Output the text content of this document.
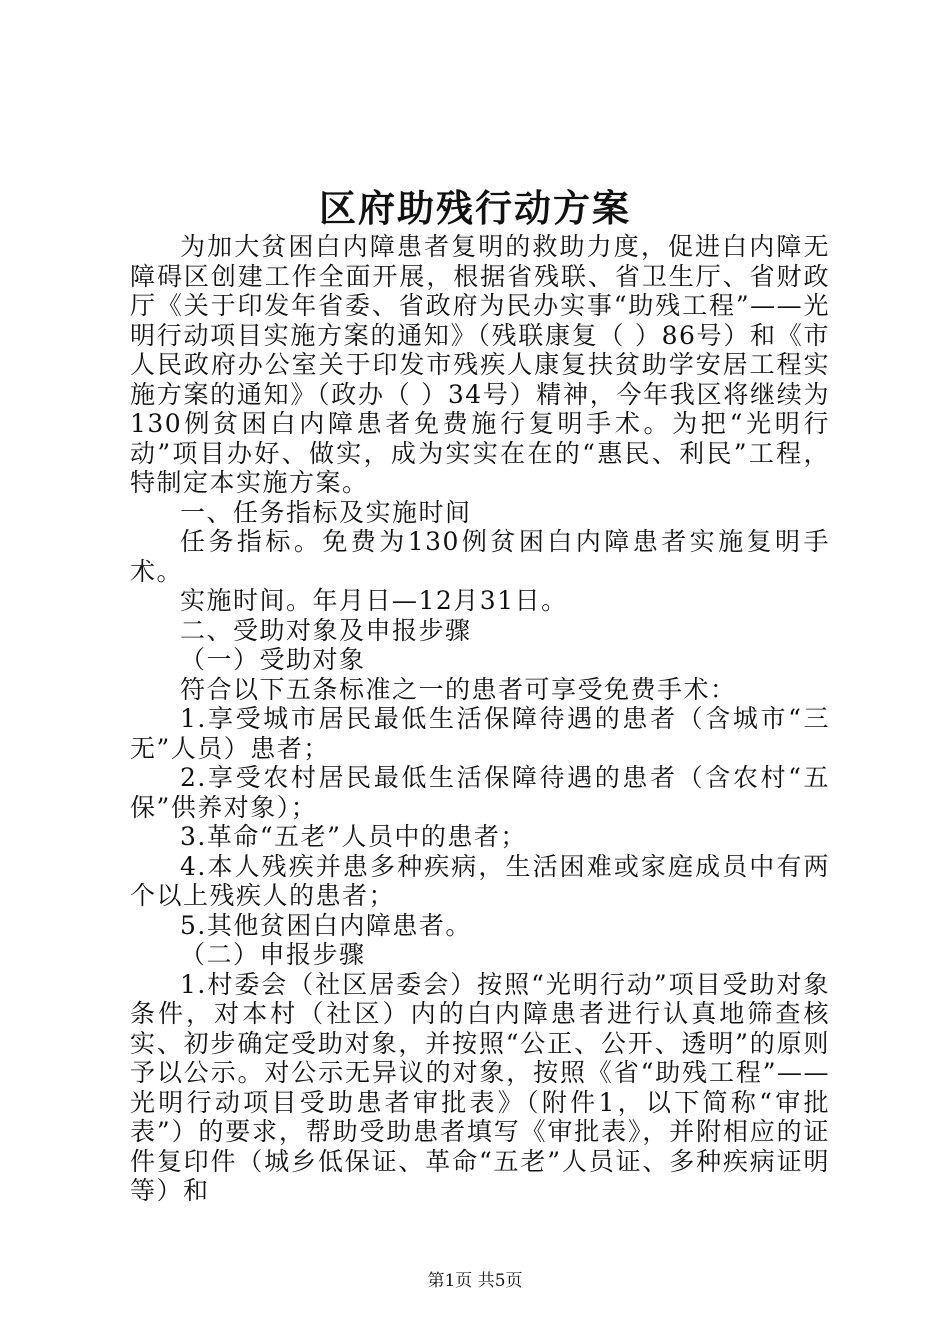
区府助残行动方案

为加大贫困白内障患者复明的救助力度，促进白内障无障碍区创建工作全面开展，根据省残联、省卫生厅、省财政厅《关于印发年省委、省政府为民办实事“助残工程”——光明行动项目实施方案的通知》（残联康复（ ）86号）和《市人民政府办公室关于印发市残疾人康复扶贫助学安居工程实施方案的通知》（政办（ ）34号）精神，今年我区将继续为130例贫困白内障患者免费施行复明手术。为把“光明行动”项目办好、做实，成为实实在在的“惠民、利民”工程，特制定本实施方案。

一、任务指标及实施时间

任务指标。免费为130例贫困白内障患者实施复明手术。

实施时间。年月日—12月31日。

二、受助对象及申报步骤

（一）受助对象

符合以下五条标准之一的患者可享受免费手术：

1.享受城市居民最低生活保障待遇的患者（含城市“三无”人员）患者；

2.享受农村居民最低生活保障待遇的患者（含农村“五保”供养对象）；

3.革命“五老”人员中的患者；

4.本人残疾并患多种疾病，生活困难或家庭成员中有两个以上残疾人的患者；

5.其他贫困白内障患者。

（二）申报步骤

1.村委会（社区居委会）按照“光明行动”项目受助对象条件，对本村（社区）内的白内障患者进行认真地筛查核实、初步确定受助对象，并按照“公正、公开、透明”的原则予以公示。对公示无异议的对象，按照《省“助残工程”——光明行动项目受助患者审批表》（附件1，以下简称“审批表”）的要求，帮助受助患者填写《审批表》，并附相应的证件复印件（城乡低保证、革命“五老”人员证、多种疾病证明等）和

第1页 共5页
